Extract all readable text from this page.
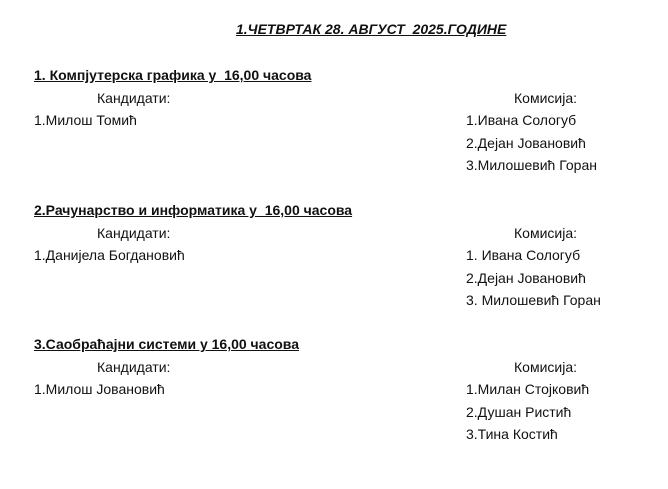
1.ЧЕТВРТАК 28. АВГУСТ  2025.ГОДИНЕ
1. Компјутерска графика у  16,00 часова
Кандидати:	Комисија:
1.Милош Томић	1.Ивана Сологуб
2.Дејан Јовановић
3.Милошевић Горан
2.Рачунарство и информатика у  16,00 часова
Кандидати:	Комисија:
1.Данијела Богдановић	1. Ивана Сологуб
2.Дејан Јовановић
3. Милошевић Горан
3.Саобраћајни системи у 16,00 часова
Кандидати:	Комисија:
1.Милош Јовановић	1.Милан Стојковић
2.Душан Ристић
3.Тина Костић
